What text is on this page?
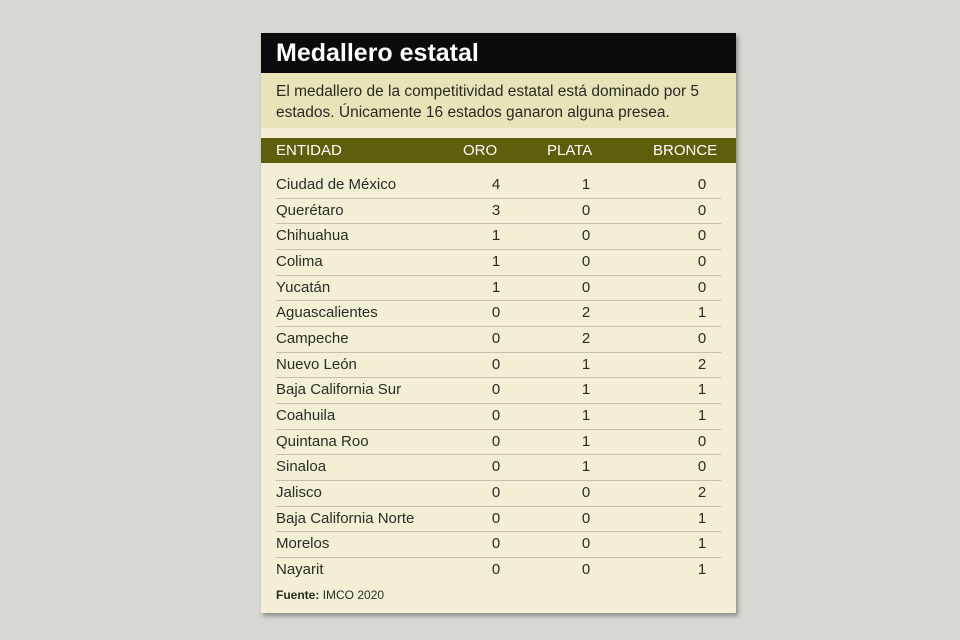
Medallero estatal
El medallero de la competitividad estatal está dominado por 5 estados. Únicamente 16 estados ganaron alguna presea.
ENTIDAD	ORO	PLATA	BRONCE
Ciudad de México	4	1	0
Querétaro	3	0	0
Chihuahua	1	0	0
Colima	1	0	0
Yucatán	1	0	0
Aguascalientes	0	2	1
Campeche	0	2	0
Nuevo León	0	1	2
Baja California Sur	0	1	1
Coahuila	0	1	1
Quintana Roo	0	1	0
Sinaloa	0	1	0
Jalisco	0	0	2
Baja California Norte	0	0	1
Morelos	0	0	1
Nayarit	0	0	1
Fuente: IMCO 2020
